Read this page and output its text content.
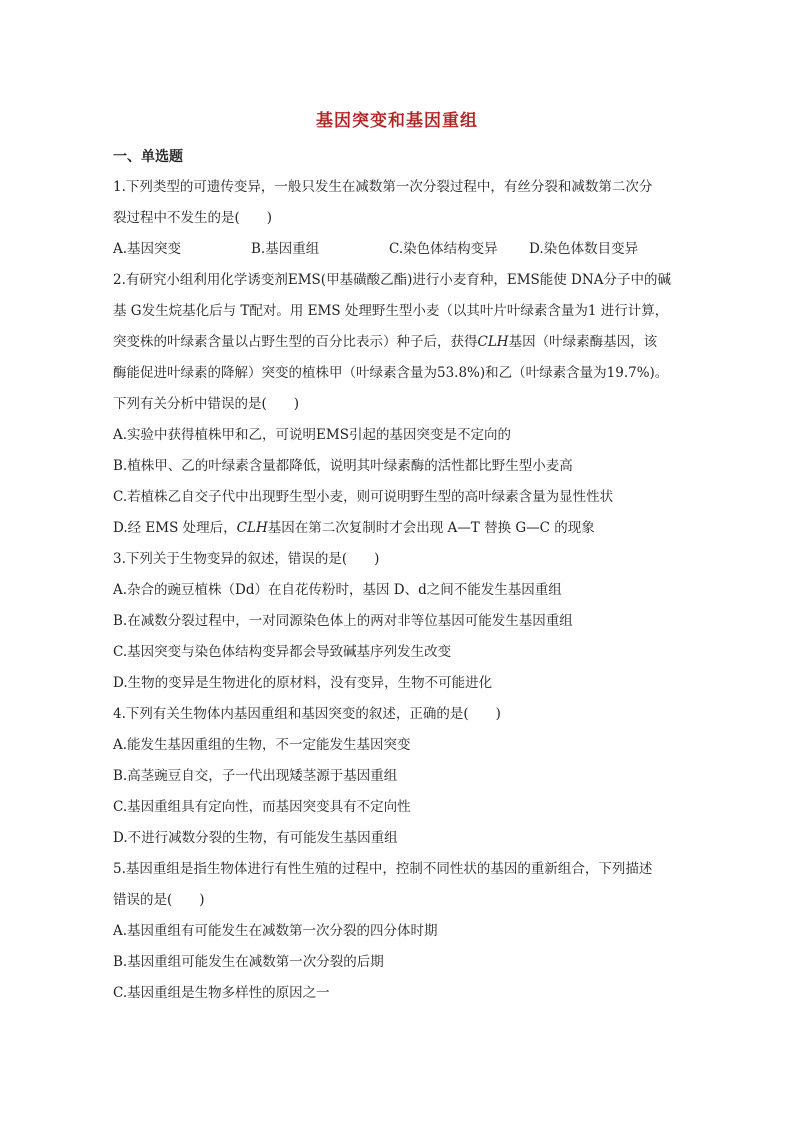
基因突变和基因重组
一、单选题
1.下列类型的可遗传变异，一般只发生在减数第一次分裂过程中，有丝分裂和减数第二次分
裂过程中不发生的是(　　)
A.基因突变	B.基因重组	C.染色体结构变异	D.染色体数目变异
2.有研究小组利用化学诱变剂EMS(甲基磺酸乙酯)进行小麦育种，EMS能使 DNA分子中的碱
基 G发生烷基化后与 T配对。用 EMS 处理野生型小麦（以其叶片叶绿素含量为1 进行计算，
突变株的叶绿素含量以占野生型的百分比表示）种子后，获得CLH基因（叶绿素酶基因，该
酶能促进叶绿素的降解）突变的植株甲（叶绿素含量为53.8%)和乙（叶绿素含量为19.7%)。
下列有关分析中错误的是(　　)
A.实验中获得植株甲和乙，可说明EMS引起的基因突变是不定向的
B.植株甲、乙的叶绿素含量都降低，说明其叶绿素酶的活性都比野生型小麦高
C.若植株乙自交子代中出现野生型小麦，则可说明野生型的高叶绿素含量为显性性状
D.经 EMS 处理后，CLH基因在第二次复制时才会出现 A—T 替换 G—C 的现象
3.下列关于生物变异的叙述，错误的是(　　)
A.杂合的豌豆植株（Dd）在自花传粉时，基因 D、d之间不能发生基因重组
B.在减数分裂过程中，一对同源染色体上的两对非等位基因可能发生基因重组
C.基因突变与染色体结构变异都会导致碱基序列发生改变
D.生物的变异是生物进化的原材料，没有变异，生物不可能进化
4.下列有关生物体内基因重组和基因突变的叙述，正确的是(　　)
A.能发生基因重组的生物，不一定能发生基因突变
B.高茎豌豆自交，子一代出现矮茎源于基因重组
C.基因重组具有定向性，而基因突变具有不定向性
D.不进行减数分裂的生物，有可能发生基因重组
5.基因重组是指生物体进行有性生殖的过程中，控制不同性状的基因的重新组合，下列描述
错误的是(　　)
A.基因重组有可能发生在减数第一次分裂的四分体时期
B.基因重组可能发生在减数第一次分裂的后期
C.基因重组是生物多样性的原因之一
